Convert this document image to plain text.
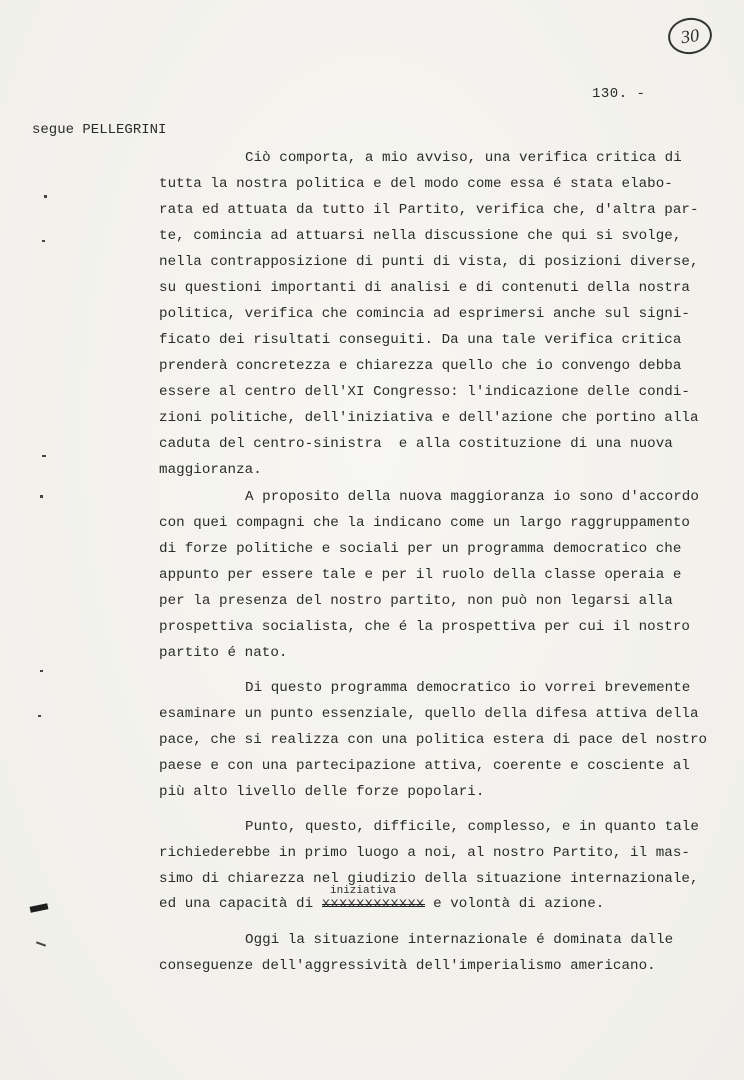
30
130. -
segue PELLEGRINI
Ciò comporta, a mio avviso, una verifica critica di
tutta la nostra politica e del modo come essa é stata elabo-
rata ed attuata da tutto il Partito, verifica che, d'altra par-
te, comincia ad attuarsi nella discussione che qui si svolge,
nella contrapposizione di punti di vista, di posizioni diverse,
su questioni importanti di analisi e di contenuti della nostra
politica, verifica che comincia ad esprimersi anche sul signi-
ficato dei risultati conseguiti. Da una tale verifica critica
prenderà concretezza e chiarezza quello che io convengo debba
essere al centro dell'XI Congresso: l'indicazione delle condi-
zioni politiche, dell'iniziativa e dell'azione che portino alla
caduta del centro-sinistra  e alla costituzione di una nuova
maggioranza.
A proposito della nuova maggioranza io sono d'accordo
con quei compagni che la indicano come un largo raggruppamento
di forze politiche e sociali per un programma democratico che
appunto per essere tale e per il ruolo della classe operaia e
per la presenza del nostro partito, non può non legarsi alla
prospettiva socialista, che é la prospettiva per cui il nostro
partito é nato.
Di questo programma democratico io vorrei brevemente
esaminare un punto essenziale, quello della difesa attiva della
pace, che si realizza con una politica estera di pace del nostro
paese e con una partecipazione attiva, coerente e cosciente al
più alto livello delle forze popolari.
Punto, questo, difficile, complesso, e in quanto tale
richiederebbe in primo luogo a noi, al nostro Partito, il mas-
simo di chiarezza nel giudizio della situazione internazionale,
iniziativa
ed una capacità di xxxxxxxxxxxx e volontà di azione.
Oggi la situazione internazionale é dominata dalle
conseguenze dell'aggressività dell'imperialismo americano.
